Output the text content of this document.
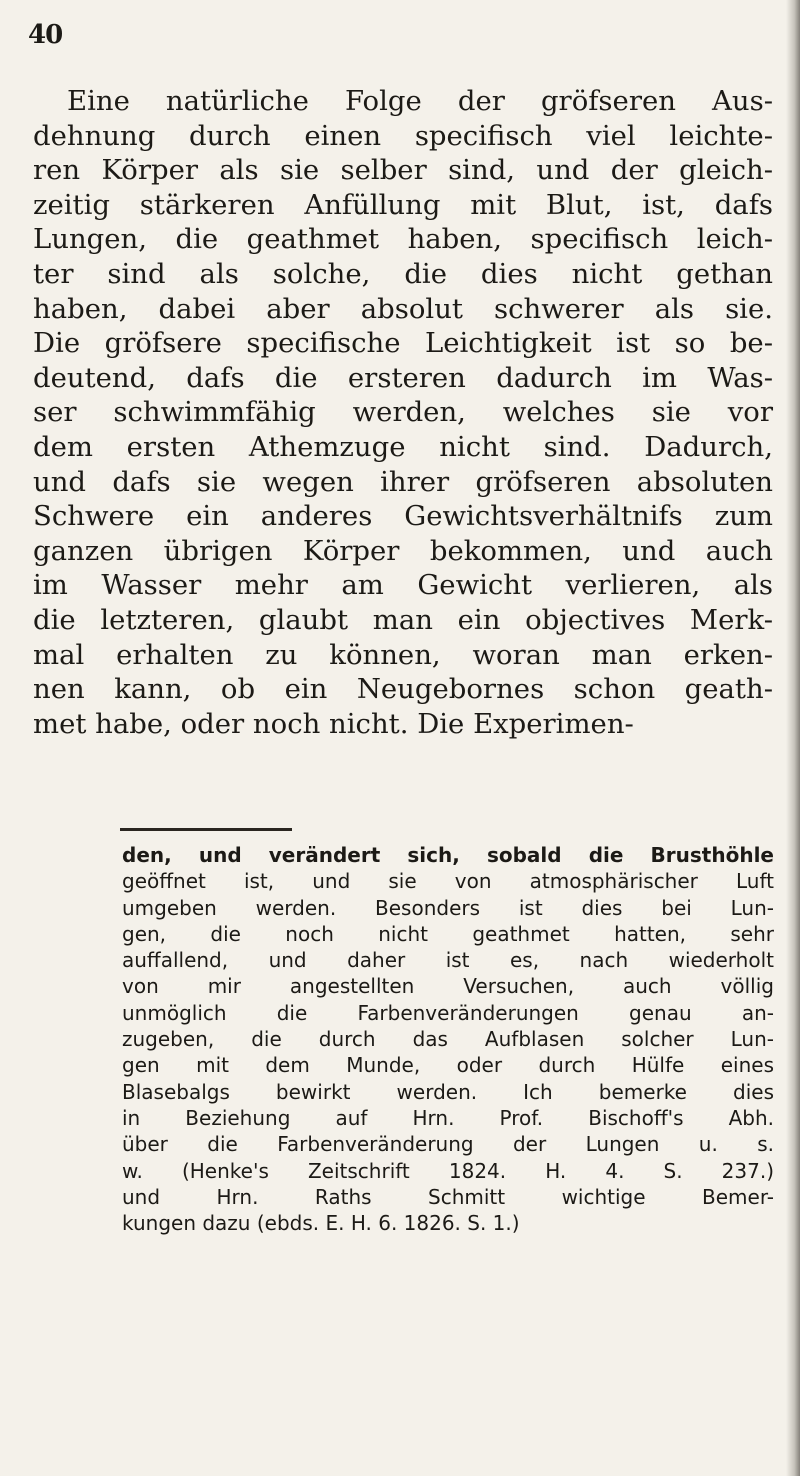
40

Eine natürliche Folge der gröfseren Aus-
dehnung durch einen specifisch viel leichte-
ren Körper als sie selber sind, und der gleich-
zeitig stärkeren Anfüllung mit Blut, ist, dafs
Lungen, die geathmet haben, specifisch leich-
ter sind als solche, die dies nicht gethan
haben, dabei aber absolut schwerer als sie.
Die gröfsere specifische Leichtigkeit ist so be-
deutend, dafs die ersteren dadurch im Was-
ser schwimmfähig werden, welches sie vor
dem ersten Athemzuge nicht sind. Dadurch,
und dafs sie wegen ihrer gröfseren absoluten
Schwere ein anderes Gewichtsverhältnifs zum
ganzen übrigen Körper bekommen, und auch
im Wasser mehr am Gewicht verlieren, als
die letzteren, glaubt man ein objectives Merk-
mal erhalten zu können, woran man erken-
nen kann, ob ein Neugebornes schon geath-
met habe, oder noch nicht. Die Experimen-
den, und verändert sich, sobald die Brusthöhle
geöffnet ist, und sie von atmosphärischer Luft
umgeben werden. Besonders ist dies bei Lun-
gen, die noch nicht geathmet hatten, sehr
auffallend, und daher ist es, nach wiederholt
von mir angestellten Versuchen, auch völlig
unmöglich die Farbenveränderungen genau an-
zugeben, die durch das Aufblasen solcher Lun-
gen mit dem Munde, oder durch Hülfe eines
Blasebalgs bewirkt werden. Ich bemerke dies
in Beziehung auf Hrn. Prof. Bischoff's Abh.
über die Farbenveränderung der Lungen u. s.
w. (Henke's Zeitschrift 1824. H. 4. S. 237.)
und Hrn. Raths Schmitt wichtige Bemer-
kungen dazu (ebds. E. H. 6. 1826. S. 1.)
